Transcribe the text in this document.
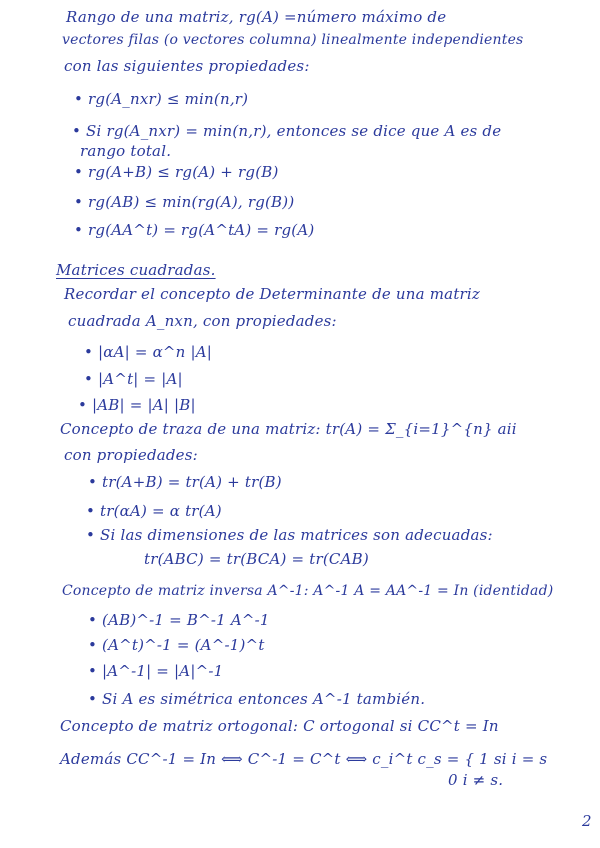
Rango de una matriz, rg(A) =número máximo de
vectores filas (o vectores columna) linealmente independientes
con las siguientes propiedades:
• rg(A_nxr) ≤ min(n,r)
• Si rg(A_nxr) = min(n,r), entonces se dice que A es de
rango total.
• rg(A+B) ≤ rg(A) + rg(B)
• rg(AB) ≤ min(rg(A), rg(B))
• rg(AA^t) = rg(A^tA) = rg(A)
Matrices cuadradas.
Recordar el concepto de Determinante de una matriz
cuadrada A_nxn, con propiedades:
• |αA| = α^n |A|
• |A^t| = |A|
• |AB| = |A| |B|
Concepto de traza de una matriz: tr(A) = Σ_{i=1}^{n} aii
con propiedades:
• tr(A+B) = tr(A) + tr(B)
• tr(αA) = α tr(A)
• Si las dimensiones de las matrices son adecuadas:
tr(ABC) = tr(BCA) = tr(CAB)
Concepto de matriz inversa A^-1: A^-1 A = AA^-1 = In (identidad)
• (AB)^-1 = B^-1 A^-1
• (A^t)^-1 = (A^-1)^t
• |A^-1| = |A|^-1
• Si A es simétrica entonces A^-1 también.
Concepto de matriz ortogonal: C ortogonal si CC^t = In
Además CC^-1 = In ⟺ C^-1 = C^t ⟺ c_i^t c_s = { 1 si i = s
0 i ≠ s.
2
